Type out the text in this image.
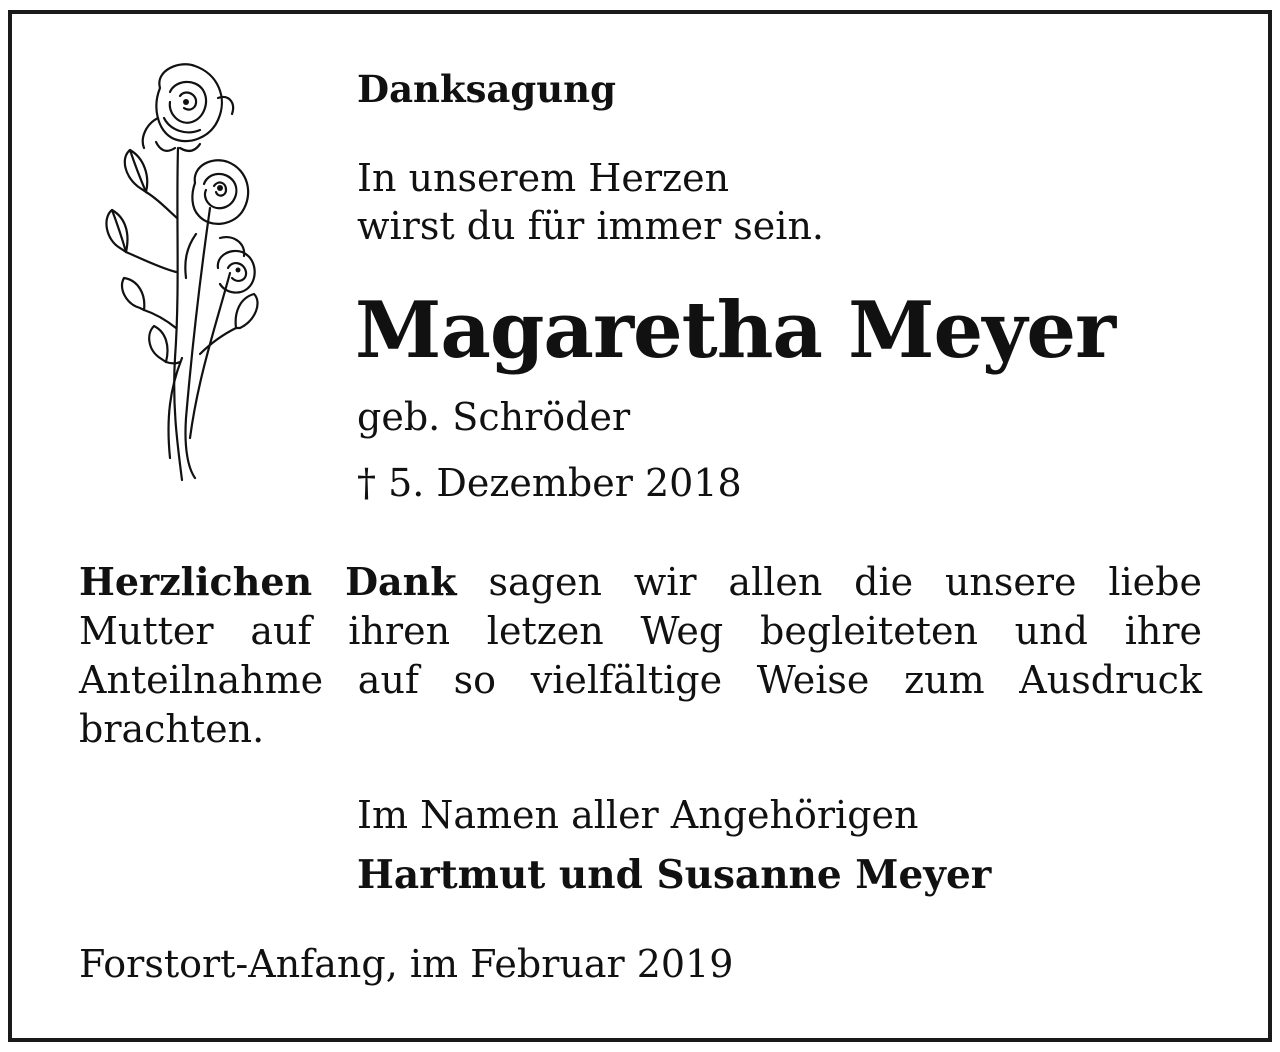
Danksagung
In unserem Herzen
wirst du für immer sein.
Magaretha Meyer
geb. Schröder
† 5. Dezember 2018
Herzlichen Dank sagen wir allen die unsere liebe Mutter auf ihren letzen Weg begleiteten und ihre Anteilnahme auf so vielfältige Weise zum Ausdruck brachten.
Im Namen aller Angehörigen
Hartmut und Susanne Meyer
Forstort-Anfang, im Februar 2019
